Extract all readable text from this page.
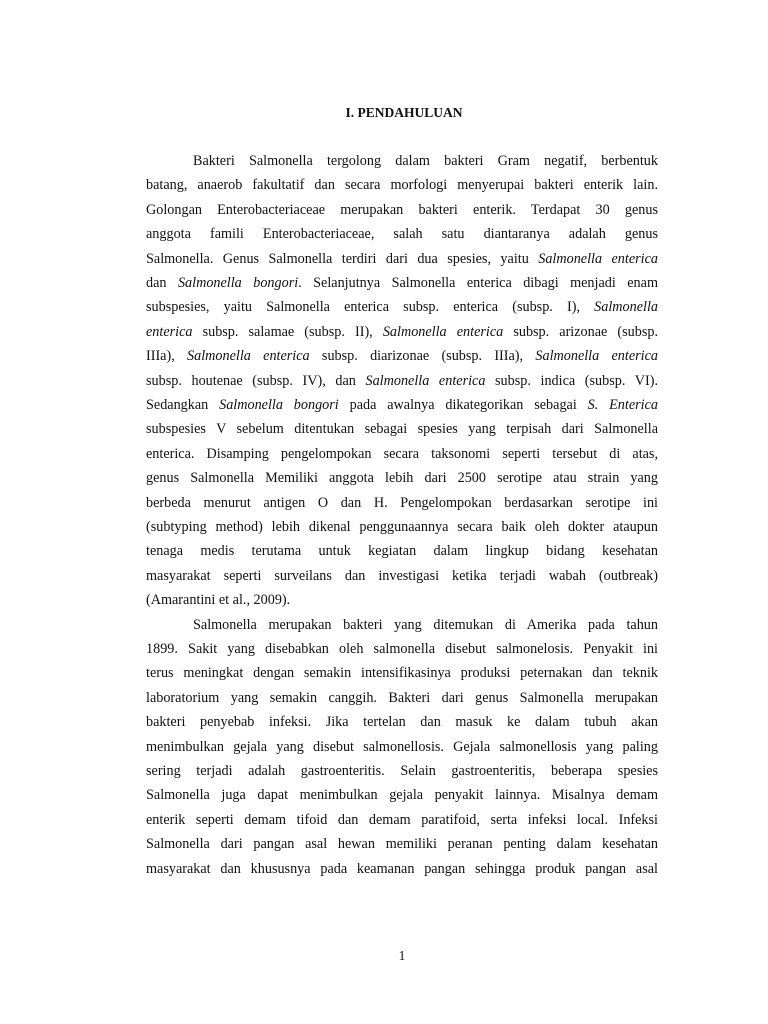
I. PENDAHULUAN
Bakteri Salmonella tergolong dalam bakteri Gram negatif, berbentuk
batang, anaerob fakultatif dan secara morfologi menyerupai bakteri enterik lain.
Golongan Enterobacteriaceae merupakan bakteri enterik. Terdapat 30 genus
anggota famili Enterobacteriaceae, salah satu diantaranya adalah genus
Salmonella. Genus Salmonella terdiri dari dua spesies, yaitu Salmonella enterica
dan Salmonella bongori. Selanjutnya Salmonella enterica dibagi menjadi enam
subspesies, yaitu Salmonella enterica subsp. enterica (subsp. I), Salmonella
enterica subsp. salamae (subsp. II), Salmonella enterica subsp. arizonae (subsp.
IIIa), Salmonella enterica subsp. diarizonae (subsp. IIIa), Salmonella enterica
subsp. houtenae (subsp. IV), dan Salmonella enterica subsp. indica (subsp. VI).
Sedangkan Salmonella bongori pada awalnya dikategorikan sebagai S. Enterica
subspesies V sebelum ditentukan sebagai spesies yang terpisah dari Salmonella
enterica. Disamping pengelompokan secara taksonomi seperti tersebut di atas,
genus Salmonella Memiliki anggota lebih dari 2500 serotipe atau strain yang
berbeda menurut antigen O dan H. Pengelompokan berdasarkan serotipe ini
(subtyping method) lebih dikenal penggunaannya secara baik oleh dokter ataupun
tenaga medis terutama untuk kegiatan dalam lingkup bidang kesehatan
masyarakat seperti surveilans dan investigasi ketika terjadi wabah (outbreak)
(Amarantini et al., 2009).
Salmonella merupakan bakteri yang ditemukan di Amerika pada tahun
1899. Sakit yang disebabkan oleh salmonella disebut salmonelosis. Penyakit ini
terus meningkat dengan semakin intensifikasinya produksi peternakan dan teknik
laboratorium yang semakin canggih. Bakteri dari genus Salmonella merupakan
bakteri penyebab infeksi. Jika tertelan dan masuk ke dalam tubuh akan
menimbulkan gejala yang disebut salmonellosis. Gejala salmonellosis yang paling
sering terjadi adalah gastroenteritis. Selain gastroenteritis, beberapa spesies
Salmonella juga dapat menimbulkan gejala penyakit lainnya. Misalnya demam
enterik seperti demam tifoid dan demam paratifoid, serta infeksi local. Infeksi
Salmonella dari pangan asal hewan memiliki peranan penting dalam kesehatan
masyarakat dan khususnya pada keamanan pangan sehingga produk pangan asal
1
